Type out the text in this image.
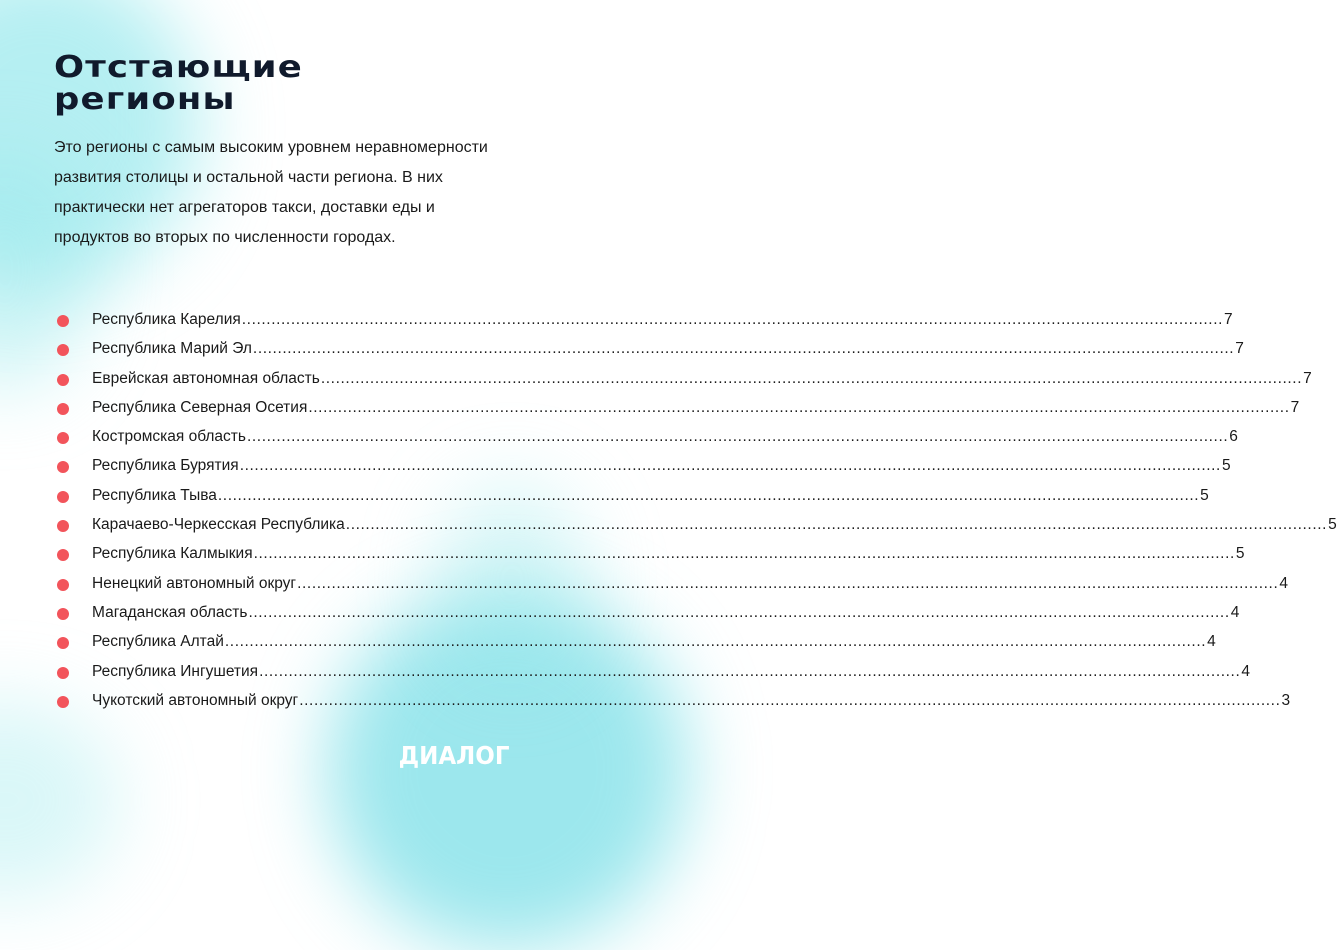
Отстающие
регионы

Это регионы с самым высоким уровнем неравномерности развития столицы и остальной части региона. В них практически нет агрегаторов такси, доставки еды и продуктов во вторых по численности городах.

Республика Карелия ........................................................................................................................................................................................................ 7
Республика Марий Эл ........................................................................................................................................................................................................ 7
Еврейская автономная область ........................................................................................................................................................................................................ 7
Республика Северная Осетия ........................................................................................................................................................................................................ 7
Костромская область ........................................................................................................................................................................................................ 6
Республика Бурятия ........................................................................................................................................................................................................ 5
Республика Тыва ........................................................................................................................................................................................................ 5
Карачаево-Черкесская Республика ........................................................................................................................................................................................................ 5
Республика Калмыкия ........................................................................................................................................................................................................ 5
Ненецкий автономный округ ........................................................................................................................................................................................................ 4
Магаданская область ........................................................................................................................................................................................................ 4
Республика Алтай ........................................................................................................................................................................................................ 4
Республика Ингушетия ........................................................................................................................................................................................................ 4
Чукотский автономный округ ........................................................................................................................................................................................................ 3
ДИАЛОГ
